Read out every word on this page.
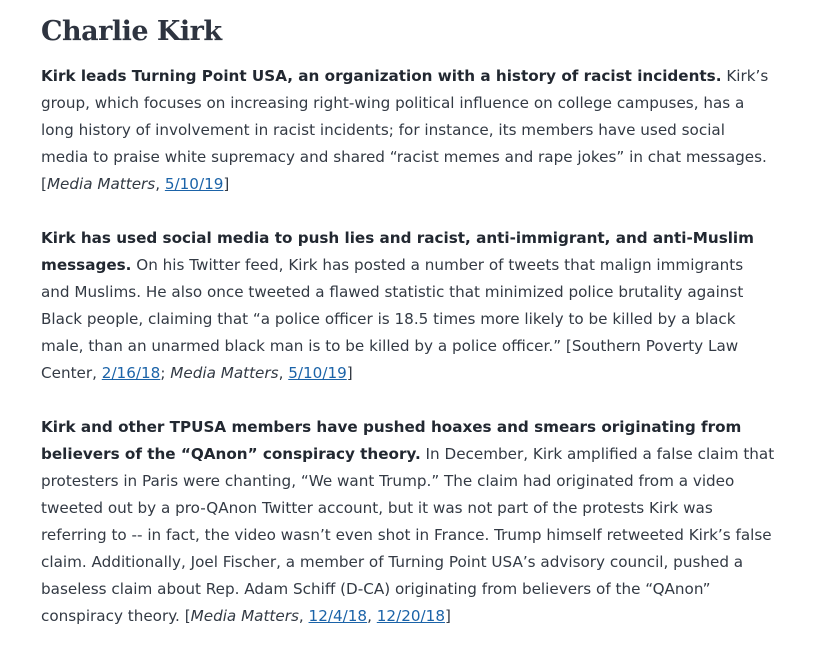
Charlie Kirk

Kirk leads Turning Point USA, an organization with a history of racist incidents. Kirk’s group, which focuses on increasing right-wing political influence on college campuses, has a long history of involvement in racist incidents; for instance, its members have used social media to praise white supremacy and shared “racist memes and rape jokes” in chat messages. [Media Matters, 5/10/19]

Kirk has used social media to push lies and racist, anti-immigrant, and anti-Muslim messages. On his Twitter feed, Kirk has posted a number of tweets that malign immigrants and Muslims. He also once tweeted a flawed statistic that minimized police brutality against Black people, claiming that “a police officer is 18.5 times more likely to be killed by a black male, than an unarmed black man is to be killed by a police officer.” [Southern Poverty Law Center, 2/16/18; Media Matters, 5/10/19]

Kirk and other TPUSA members have pushed hoaxes and smears originating from believers of the “QAnon” conspiracy theory. In December, Kirk amplified a false claim that protesters in Paris were chanting, “We want Trump.” The claim had originated from a video tweeted out by a pro-QAnon Twitter account, but it was not part of the protests Kirk was referring to -- in fact, the video wasn’t even shot in France. Trump himself retweeted Kirk’s false claim. Additionally, Joel Fischer, a member of Turning Point USA’s advisory council, pushed a baseless claim about Rep. Adam Schiff (D-CA) originating from believers of the “QAnon” conspiracy theory. [Media Matters, 12/4/18, 12/20/18]
